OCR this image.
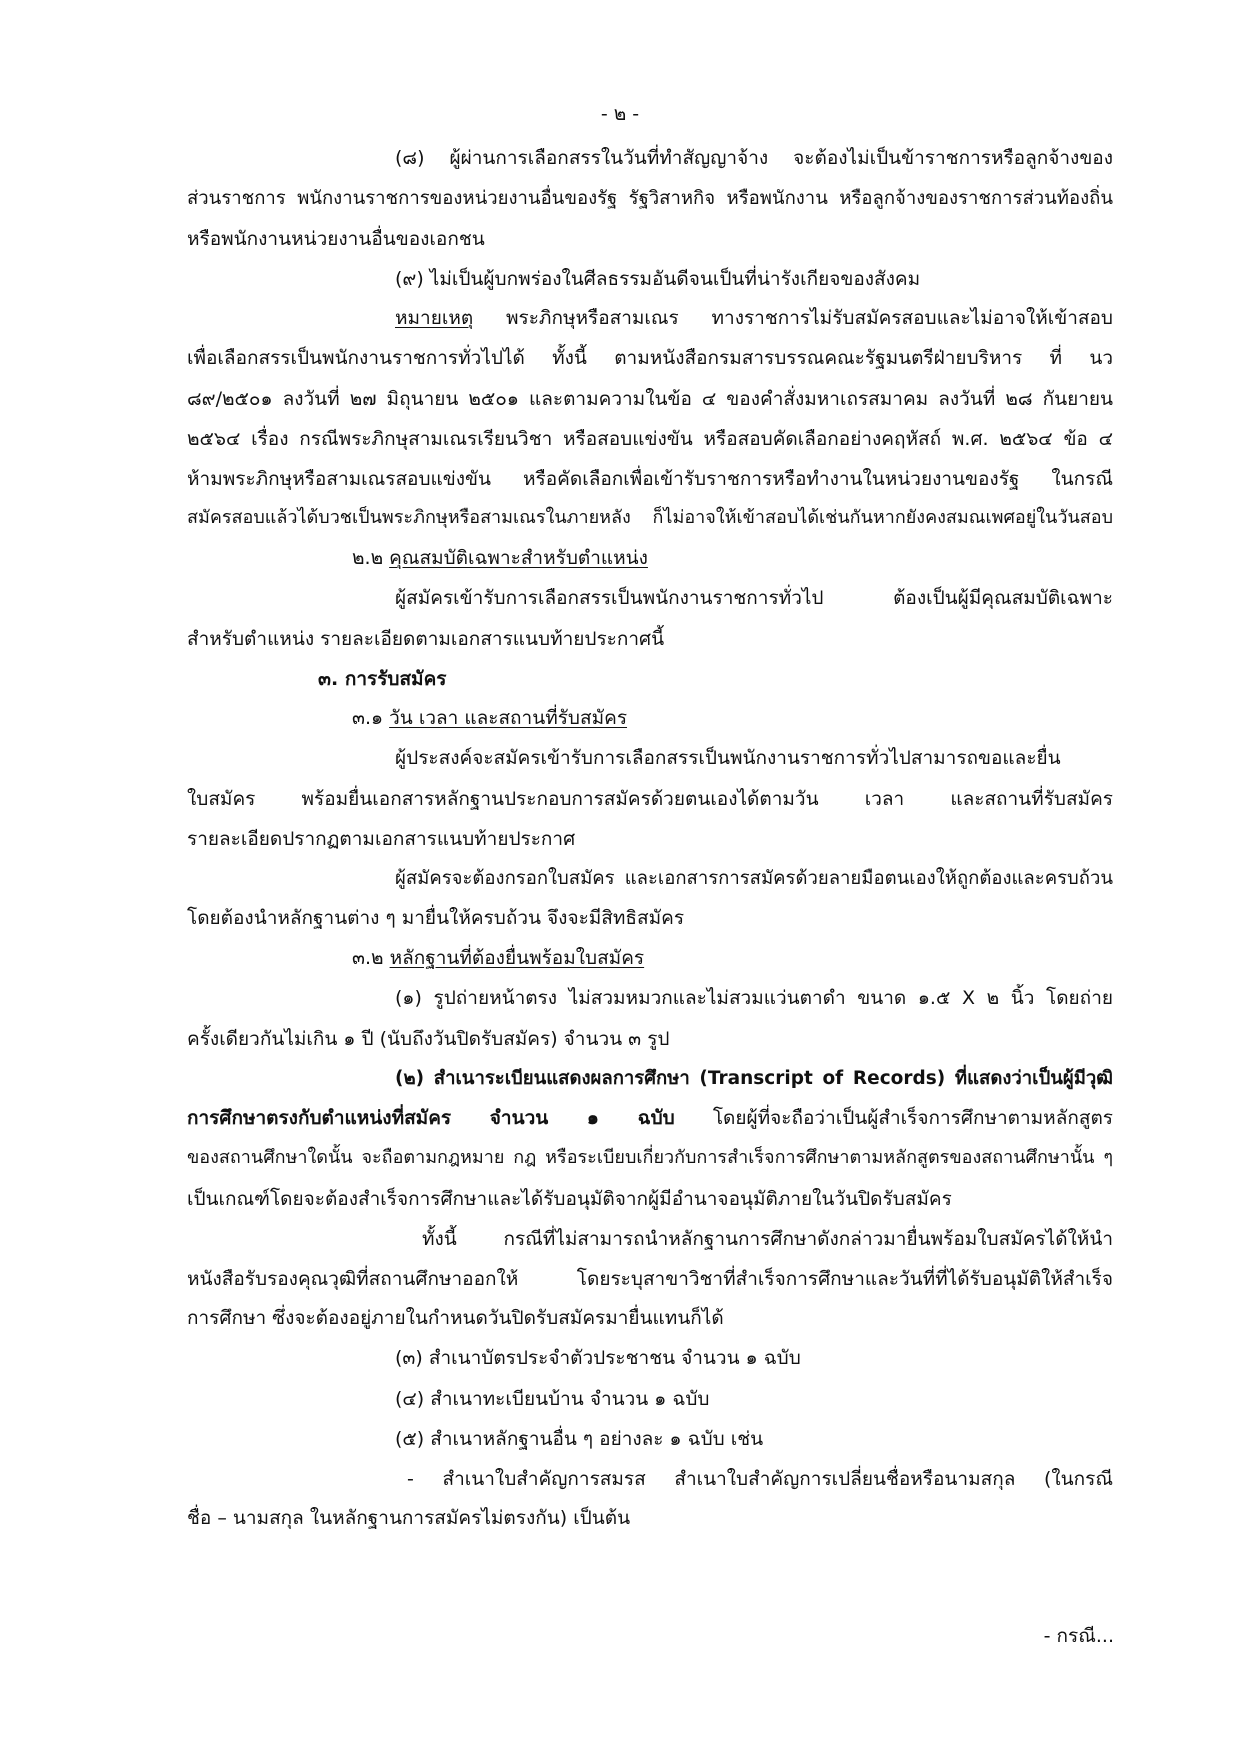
- ๒ -
(๘) ผู้ผ่านการเลือกสรรในวันที่ทำสัญญาจ้าง จะต้องไม่เป็นข้าราชการหรือลูกจ้างของ
ส่วนราชการ พนักงานราชการของหน่วยงานอื่นของรัฐ รัฐวิสาหกิจ หรือพนักงาน หรือลูกจ้างของราชการส่วนท้องถิ่น
หรือพนักงานหน่วยงานอื่นของเอกชน
(๙) ไม่เป็นผู้บกพร่องในศีลธรรมอันดีจนเป็นที่น่ารังเกียจของสังคม
หมายเหตุ พระภิกษุหรือสามเณร ทางราชการไม่รับสมัครสอบและไม่อาจให้เข้าสอบ
เพื่อเลือกสรรเป็นพนักงานราชการทั่วไปได้ ทั้งนี้ ตามหนังสือกรมสารบรรณคณะรัฐมนตรีฝ่ายบริหาร ที่ นว
๘๙/๒๕๐๑ ลงวันที่ ๒๗ มิถุนายน ๒๕๐๑ และตามความในข้อ ๔ ของคำสั่งมหาเถรสมาคม ลงวันที่ ๒๘ กันยายน
๒๕๖๔ เรื่อง กรณีพระภิกษุสามเณรเรียนวิชา หรือสอบแข่งขัน หรือสอบคัดเลือกอย่างคฤหัสถ์ พ.ศ. ๒๕๖๔ ข้อ ๔
ห้ามพระภิกษุหรือสามเณรสอบแข่งขัน หรือคัดเลือกเพื่อเข้ารับราชการหรือทำงานในหน่วยงานของรัฐ ในกรณี
สมัครสอบแล้วได้บวชเป็นพระภิกษุหรือสามเณรในภายหลัง ก็ไม่อาจให้เข้าสอบได้เช่นกันหากยังคงสมณเพศอยู่ในวันสอบ
๒.๒ คุณสมบัติเฉพาะสำหรับตำแหน่ง
ผู้สมัครเข้ารับการเลือกสรรเป็นพนักงานราชการทั่วไป ต้องเป็นผู้มีคุณสมบัติเฉพาะ
สำหรับตำแหน่ง รายละเอียดตามเอกสารแนบท้ายประกาศนี้
๓. การรับสมัคร
๓.๑ วัน เวลา และสถานที่รับสมัคร
ผู้ประสงค์จะสมัครเข้ารับการเลือกสรรเป็นพนักงานราชการทั่วไปสามารถขอและยื่น
ใบสมัคร พร้อมยื่นเอกสารหลักฐานประกอบการสมัครด้วยตนเองได้ตามวัน เวลา และสถานที่รับสมัคร
รายละเอียดปรากฏตามเอกสารแนบท้ายประกาศ
ผู้สมัครจะต้องกรอกใบสมัคร และเอกสารการสมัครด้วยลายมือตนเองให้ถูกต้องและครบถ้วน
โดยต้องนำหลักฐานต่าง ๆ มายื่นให้ครบถ้วน จึงจะมีสิทธิสมัคร
๓.๒ หลักฐานที่ต้องยื่นพร้อมใบสมัคร
(๑) รูปถ่ายหน้าตรง ไม่สวมหมวกและไม่สวมแว่นตาดำ ขนาด ๑.๕ X ๒ นิ้ว โดยถ่าย
ครั้งเดียวกันไม่เกิน ๑ ปี (นับถึงวันปิดรับสมัคร) จำนวน ๓ รูป
(๒) สำเนาระเบียนแสดงผลการศึกษา (Transcript of Records) ที่แสดงว่าเป็นผู้มีวุฒิ
การศึกษาตรงกับตำแหน่งที่สมัคร จำนวน ๑ ฉบับ โดยผู้ที่จะถือว่าเป็นผู้สำเร็จการศึกษาตามหลักสูตร
ของสถานศึกษาใดนั้น จะถือตามกฎหมาย กฎ หรือระเบียบเกี่ยวกับการสำเร็จการศึกษาตามหลักสูตรของสถานศึกษานั้น ๆ
เป็นเกณฑ์โดยจะต้องสำเร็จการศึกษาและได้รับอนุมัติจากผู้มีอำนาจอนุมัติภายในวันปิดรับสมัคร
ทั้งนี้ กรณีที่ไม่สามารถนำหลักฐานการศึกษาดังกล่าวมายื่นพร้อมใบสมัครได้ให้นำ
หนังสือรับรองคุณวุฒิที่สถานศึกษาออกให้ โดยระบุสาขาวิชาที่สำเร็จการศึกษาและวันที่ที่ได้รับอนุมัติให้สำเร็จ
การศึกษา ซึ่งจะต้องอยู่ภายในกำหนดวันปิดรับสมัครมายื่นแทนก็ได้
(๓) สำเนาบัตรประจำตัวประชาชน จำนวน ๑ ฉบับ
(๔) สำเนาทะเบียนบ้าน จำนวน ๑ ฉบับ
(๕) สำเนาหลักฐานอื่น ๆ อย่างละ ๑ ฉบับ เช่น
- สำเนาใบสำคัญการสมรส สำเนาใบสำคัญการเปลี่ยนชื่อหรือนามสกุล (ในกรณี
ชื่อ – นามสกุล ในหลักฐานการสมัครไม่ตรงกัน) เป็นต้น
- กรณี...
